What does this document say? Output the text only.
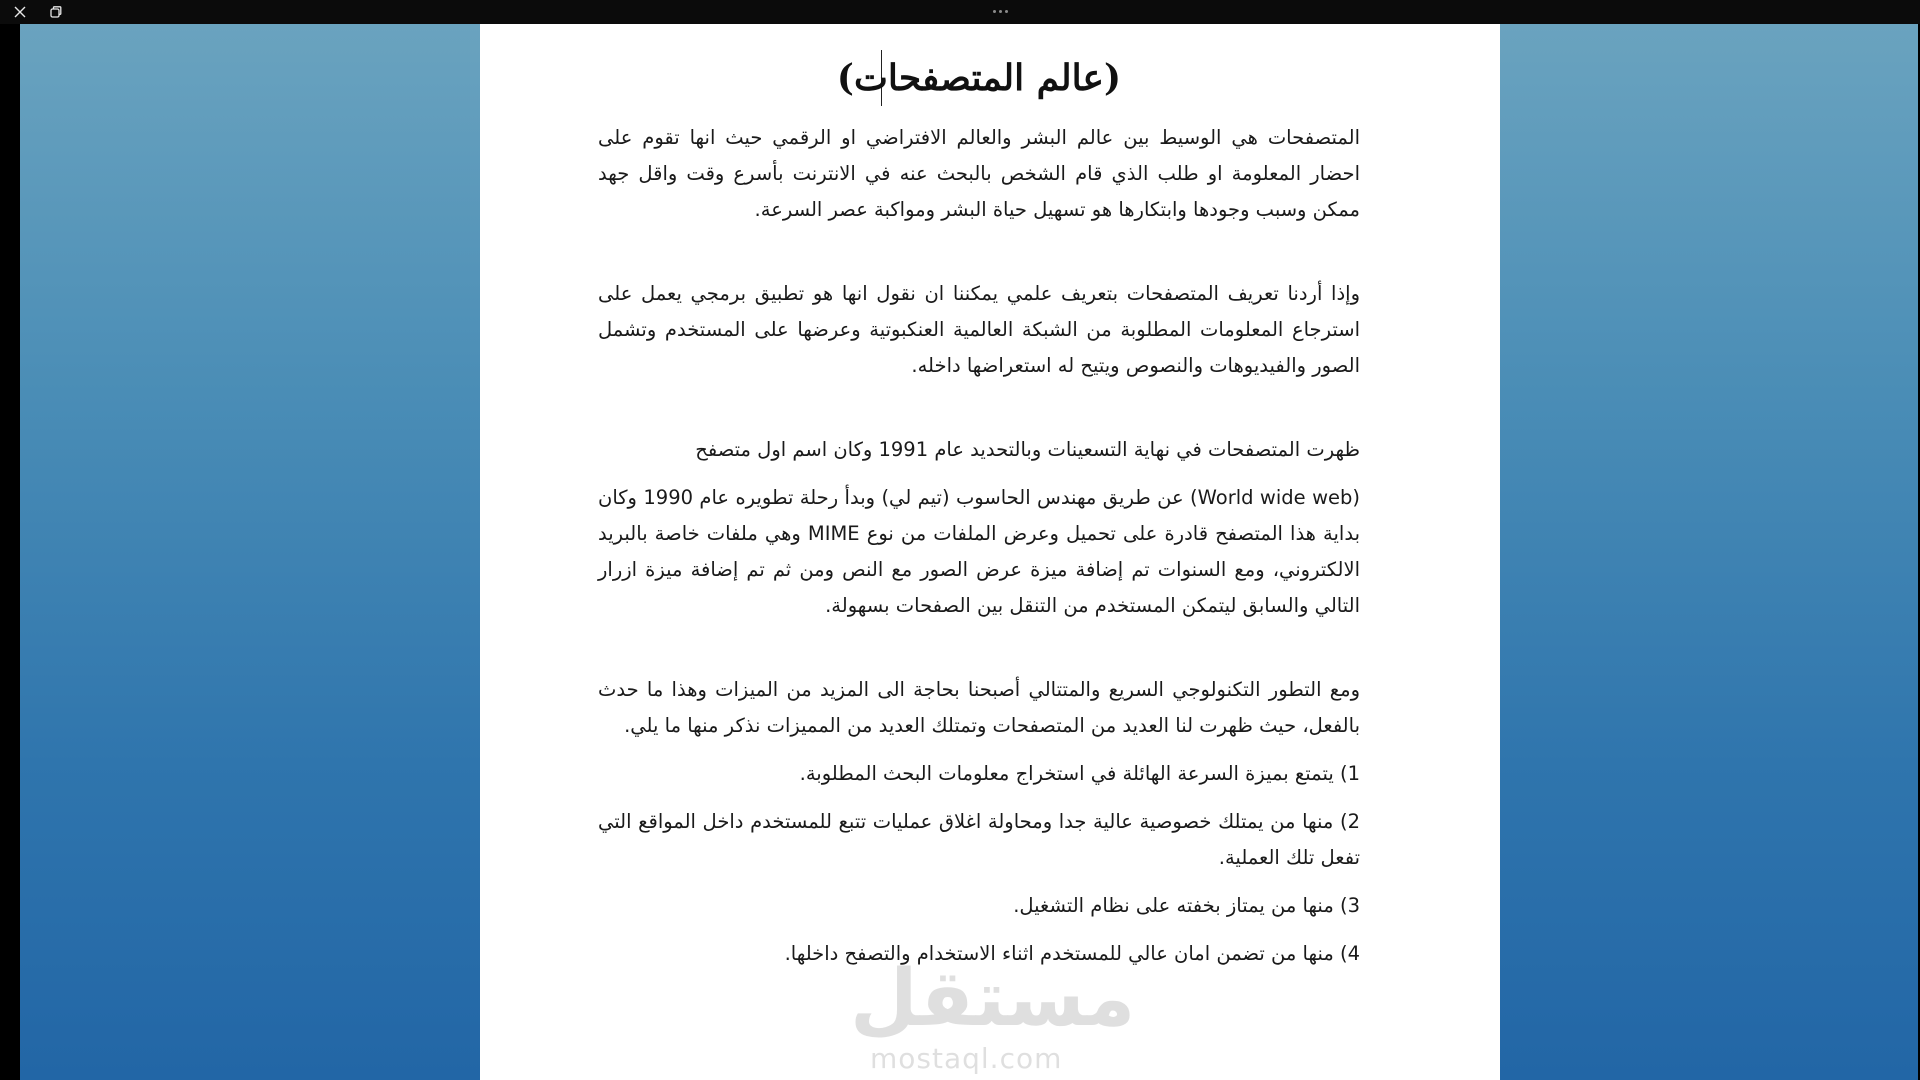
(عالم المتصفحات)

المتصفحات هي الوسيط بين عالم البشر والعالم الافتراضي او الرقمي حيث انها تقوم على احضار المعلومة او طلب الذي قام الشخص بالبحث عنه في الانترنت بأسرع وقت واقل جهد ممكن وسبب وجودها وابتكارها هو تسهيل حياة البشر ومواكبة عصر السرعة.

وإذا أردنا تعريف المتصفحات بتعريف علمي يمكننا ان نقول انها هو تطبيق برمجي يعمل على استرجاع المعلومات المطلوبة من الشبكة العالمية العنكبوتية وعرضها على المستخدم وتشمل الصور والفيديوهات والنصوص ويتيح له استعراضها داخله.

ظهرت المتصفحات في نهاية التسعينات وبالتحديد عام 1991 وكان اسم اول متصفح

(World wide web) عن طريق مهندس الحاسوب (تيم لي) وبدأ رحلة تطويره عام 1990 وكان بداية هذا المتصفح قادرة على تحميل وعرض الملفات من نوع MIME وهي ملفات خاصة بالبريد الالكتروني، ومع السنوات تم إضافة ميزة عرض الصور مع النص ومن ثم تم إضافة ميزة ازرار التالي والسابق ليتمكن المستخدم من التنقل بين الصفحات بسهولة.

ومع التطور التكنولوجي السريع والمتتالي أصبحنا بحاجة الى المزيد من الميزات وهذا ما حدث بالفعل، حيث ظهرت لنا العديد من المتصفحات وتمتلك العديد من المميزات نذكر منها ما يلي.

1) يتمتع بميزة السرعة الهائلة في استخراج معلومات البحث المطلوبة.

2) منها من يمتلك خصوصية عالية جدا ومحاولة اغلاق عمليات تتبع للمستخدم داخل المواقع التي تفعل تلك العملية.

3) منها من يمتاز بخفته على نظام التشغيل.

4) منها من تضمن امان عالي للمستخدم اثناء الاستخدام والتصفح داخلها.

مستقل
mostaql.com
